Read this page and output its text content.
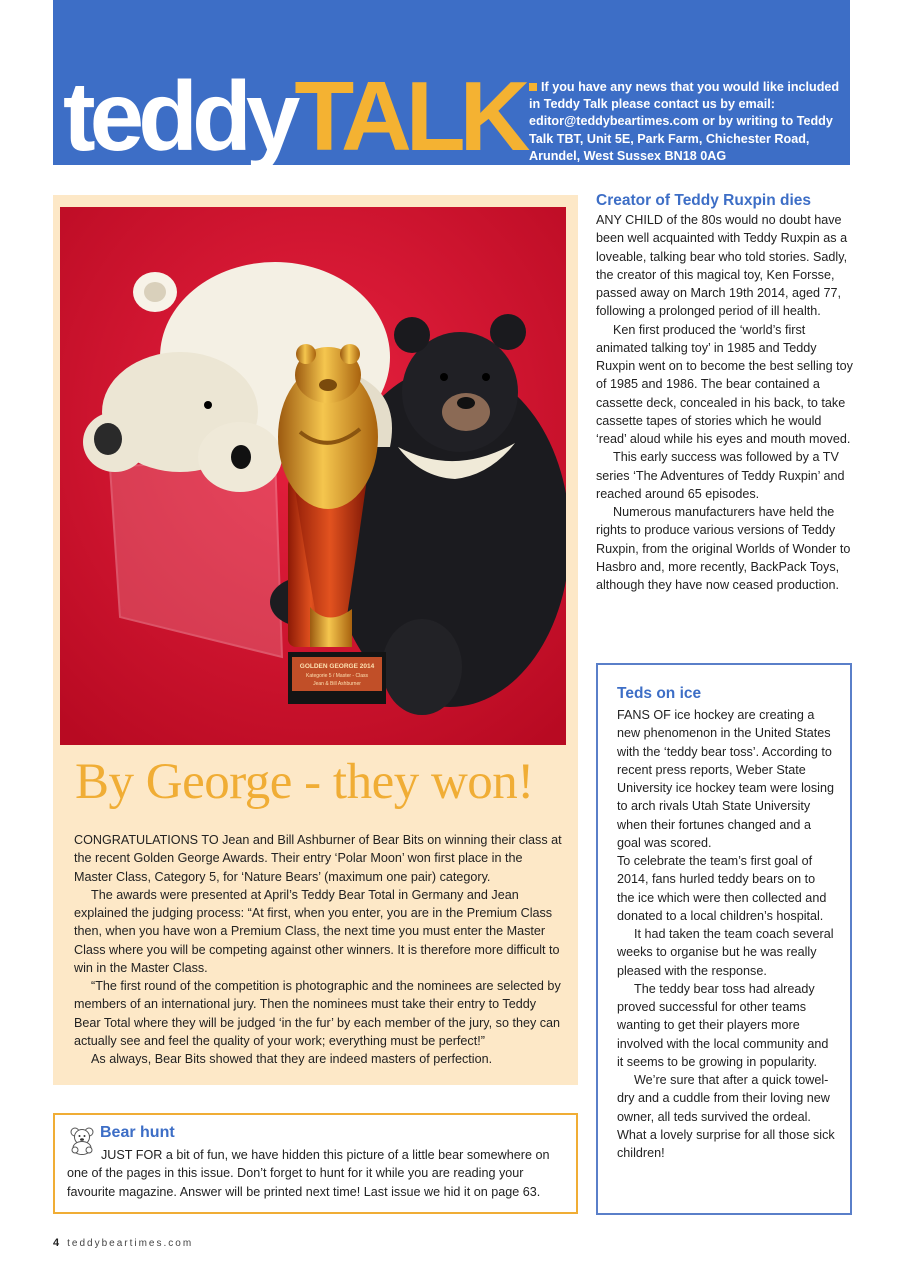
teddyTALK	If you have any news that you would like included in Teddy Talk please contact us by email: editor@teddybeartimes.com or by writing to Teddy Talk TBT, Unit 5E, Park Farm, Chichester Road, Arundel, West Sussex BN18 0AG
GOLDEN GEORGE 2014
Kategorie 5 / Master - Class
Jean & Bill Ashburner
By George - they won!

CONGRATULATIONS TO Jean and Bill Ashburner of Bear Bits on winning their class at the recent Golden George Awards. Their entry ‘Polar Moon’ won first place in the Master Class, Category 5, for ‘Nature Bears’ (maximum one pair) category.

The awards were presented at April’s Teddy Bear Total in Germany and Jean explained the judging process: “At first, when you enter, you are in the Premium Class then, when you have won a Premium Class, the next time you must enter the Master Class where you will be competing against other winners. It is therefore more difficult to win in the Master Class.

“The first round of the competition is photographic and the nominees are selected by members of an international jury. Then the nominees must take their entry to Teddy Bear Total where they will be judged ‘in the fur’ by each member of the jury, so they can actually see and feel the quality of your work; everything must be perfect!”

As always, Bear Bits showed that they are indeed masters of perfection.

Bear hunt

JUST FOR a bit of fun, we have hidden this picture of a little bear somewhere on one of the pages in this issue. Don’t forget to hunt for it while you are reading your favourite magazine. Answer will be printed next time! Last issue we hid it on page 63.

Creator of Teddy Ruxpin dies

ANY CHILD of the 80s would no doubt have been well acquainted with Teddy Ruxpin as a loveable, talking bear who told stories. Sadly, the creator of this magical toy, Ken Forsse, passed away on March 19th 2014, aged 77, following a prolonged period of ill health.

Ken first produced the ‘world’s first animated talking toy’ in 1985 and Teddy Ruxpin went on to become the best selling toy of 1985 and 1986. The bear contained a cassette deck, concealed in his back, to take cassette tapes of stories which he would ‘read’ aloud while his eyes and mouth moved.

This early success was followed by a TV series ‘The Adventures of Teddy Ruxpin’ and reached around 65 episodes.

Numerous manufacturers have held the rights to produce various versions of Teddy Ruxpin, from the original Worlds of Wonder to Hasbro and, more recently, BackPack Toys, although they have now ceased production.

Teds on ice

FANS OF ice hockey are creating a new phenomenon in the United States with the ‘teddy bear toss’. According to recent press reports, Weber State University ice hockey team were losing to arch rivals Utah State University when their fortunes changed and a goal was scored.

To celebrate the team’s first goal of 2014, fans hurled teddy bears on to the ice which were then collected and donated to a local children’s hospital.

It had taken the team coach several weeks to organise but he was really pleased with the response.

The teddy bear toss had already proved successful for other teams wanting to get their players more involved with the local community and it seems to be growing in popularity.

We’re sure that after a quick towel-dry and a cuddle from their loving new owner, all teds survived the ordeal. What a lovely surprise for all those sick children!

4 teddybeartimes.com
